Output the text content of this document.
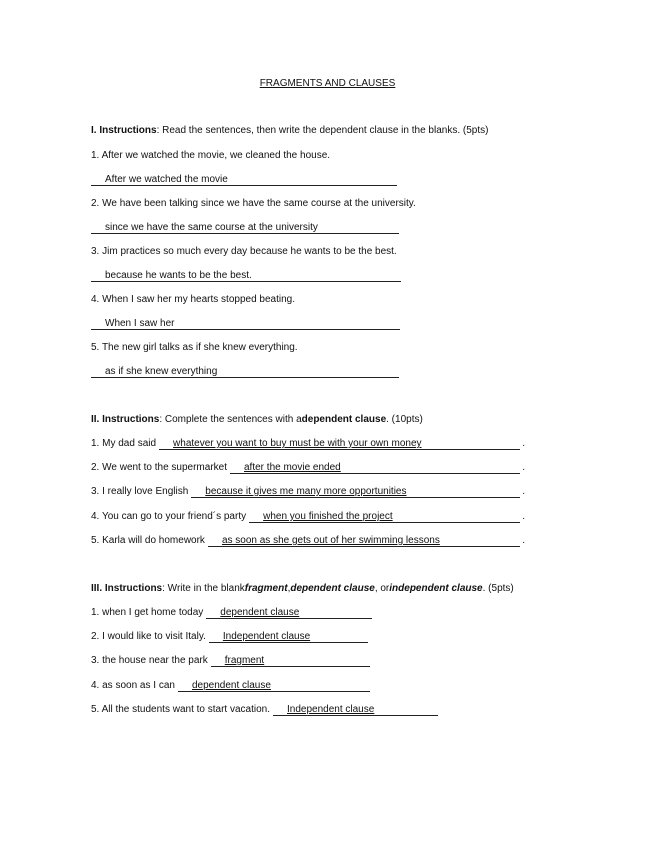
FRAGMENTS AND CLAUSES
I. Instructions : Read the sentences, then write the dependent clause in the blanks. (5pts)
1. After we watched the movie, we cleaned the house.
After we watched the movie
2. We have been talking since we have the same course at the university.
since we have the same course at the university
3. Jim practices so much every day because he wants to be the best.
because he wants to be the best.
4. When I saw her my hearts stopped beating.
When I saw her
5. The new girl talks as if she knew everything.
as if she knew everything
II. Instructions : Complete the sentences with a dependent clause . (10pts)
1. My dad said	whatever you want to buy must be with your own money	.
2. We went to the supermarket	after the movie ended	.
3. I really love English	because it gives me many more opportunities	.
4. You can go to your friend´s party	when you finished the project	.
5. Karla will do homework	as soon as she gets out of her swimming lessons	.
III. Instructions : Write in the blank fragment , dependent clause , or independent clause . (5pts)
1. when I get home today	dependent clause
2. I would like to visit Italy.	Independent clause
3. the house near the park	fragment
4. as soon as I can	dependent clause
5. All the students want to start vacation.	Independent clause
